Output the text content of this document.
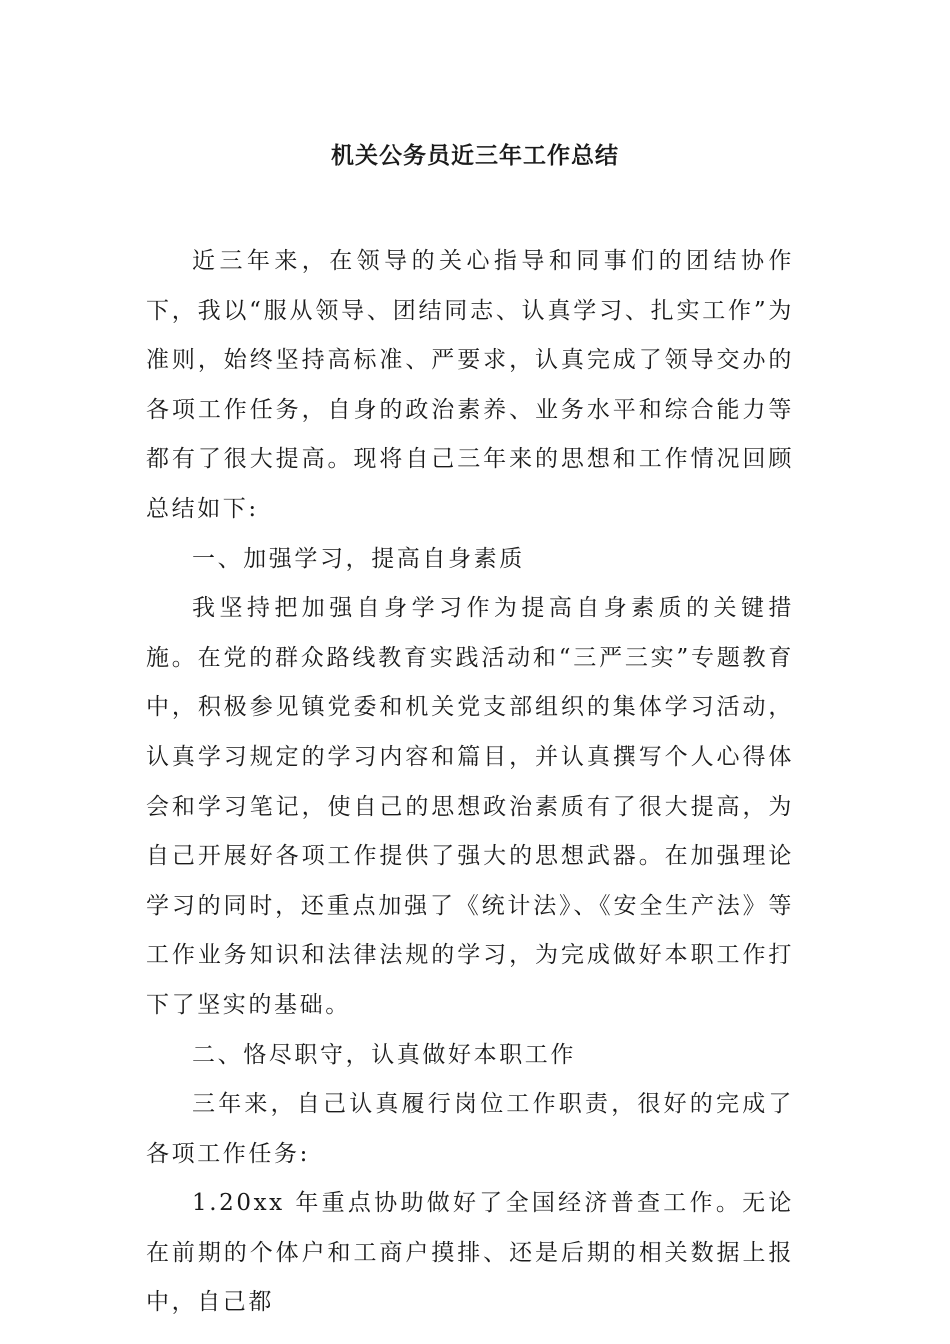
机关公务员近三年工作总结

近三年来，在领导的关心指导和同事们的团结协作下，我以“服从领导、团结同志、认真学习、扎实工作”为准则，始终坚持高标准、严要求，认真完成了领导交办的各项工作任务，自身的政治素养、业务水平和综合能力等都有了很大提高。现将自己三年来的思想和工作情况回顾总结如下:

一、加强学习，提高自身素质

我坚持把加强自身学习作为提高自身素质的关键措施。在党的群众路线教育实践活动和“三严三实”专题教育中，积极参见镇党委和机关党支部组织的集体学习活动，认真学习规定的学习内容和篇目，并认真撰写个人心得体会和学习笔记，使自己的思想政治素质有了很大提高，为自己开展好各项工作提供了强大的思想武器。在加强理论学习的同时，还重点加强了《统计法》、《安全生产法》等工作业务知识和法律法规的学习，为完成做好本职工作打下了坚实的基础。

二、恪尽职守，认真做好本职工作

三年来，自己认真履行岗位工作职责，很好的完成了各项工作任务:

1.20xx 年重点协助做好了全国经济普查工作。无论在前期的个体户和工商户摸排、还是后期的相关数据上报中，自己都
